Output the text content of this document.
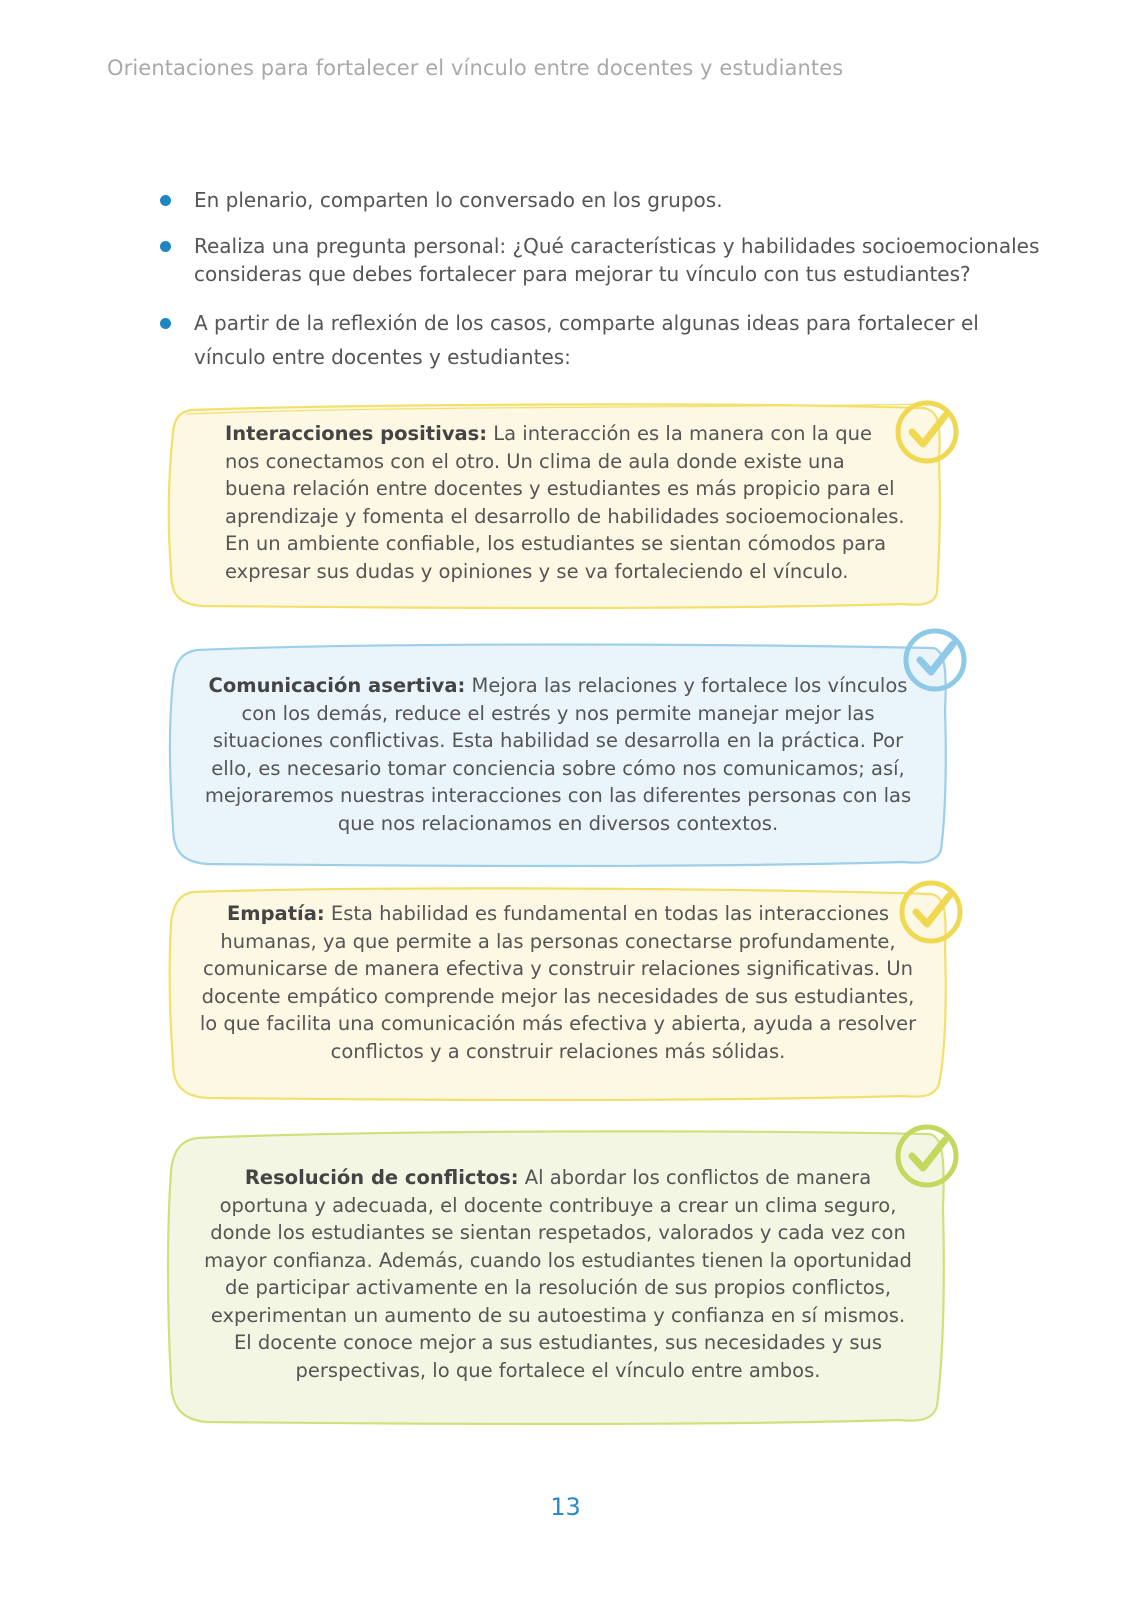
Orientaciones para fortalecer el vínculo entre docentes y estudiantes
En plenario, comparten lo conversado en los grupos.
Realiza una pregunta personal: ¿Qué características y habilidades socioemocionales consideras que debes fortalecer para mejorar tu vínculo con tus estudiantes?
A partir de la reflexión de los casos, comparte algunas ideas para fortalecer el vínculo entre docentes y estudiantes:
Interacciones positivas: La interacción es la manera con la que nos conectamos con el otro. Un clima de aula donde existe una buena relación entre docentes y estudiantes es más propicio para el aprendizaje y fomenta el desarrollo de habilidades socioemocionales. En un ambiente confiable, los estudiantes se sientan cómodos para expresar sus dudas y opiniones y se va fortaleciendo el vínculo.
Comunicación asertiva: Mejora las relaciones y fortalece los vínculos con los demás, reduce el estrés y nos permite manejar mejor las situaciones conflictivas. Esta habilidad se desarrolla en la práctica. Por ello, es necesario tomar conciencia sobre cómo nos comunicamos; así, mejoraremos nuestras interacciones con las diferentes personas con las que nos relacionamos en diversos contextos.
Empatía: Esta habilidad es fundamental en todas las interacciones humanas, ya que permite a las personas conectarse profundamente, comunicarse de manera efectiva y construir relaciones significativas. Un docente empático comprende mejor las necesidades de sus estudiantes, lo que facilita una comunicación más efectiva y abierta, ayuda a resolver conflictos y a construir relaciones más sólidas.
Resolución de conflictos: Al abordar los conflictos de manera oportuna y adecuada, el docente contribuye a crear un clima seguro, donde los estudiantes se sientan respetados, valorados y cada vez con mayor confianza. Además, cuando los estudiantes tienen la oportunidad de participar activamente en la resolución de sus propios conflictos, experimentan un aumento de su autoestima y confianza en sí mismos. El docente conoce mejor a sus estudiantes, sus necesidades y sus perspectivas, lo que fortalece el vínculo entre ambos.
13
